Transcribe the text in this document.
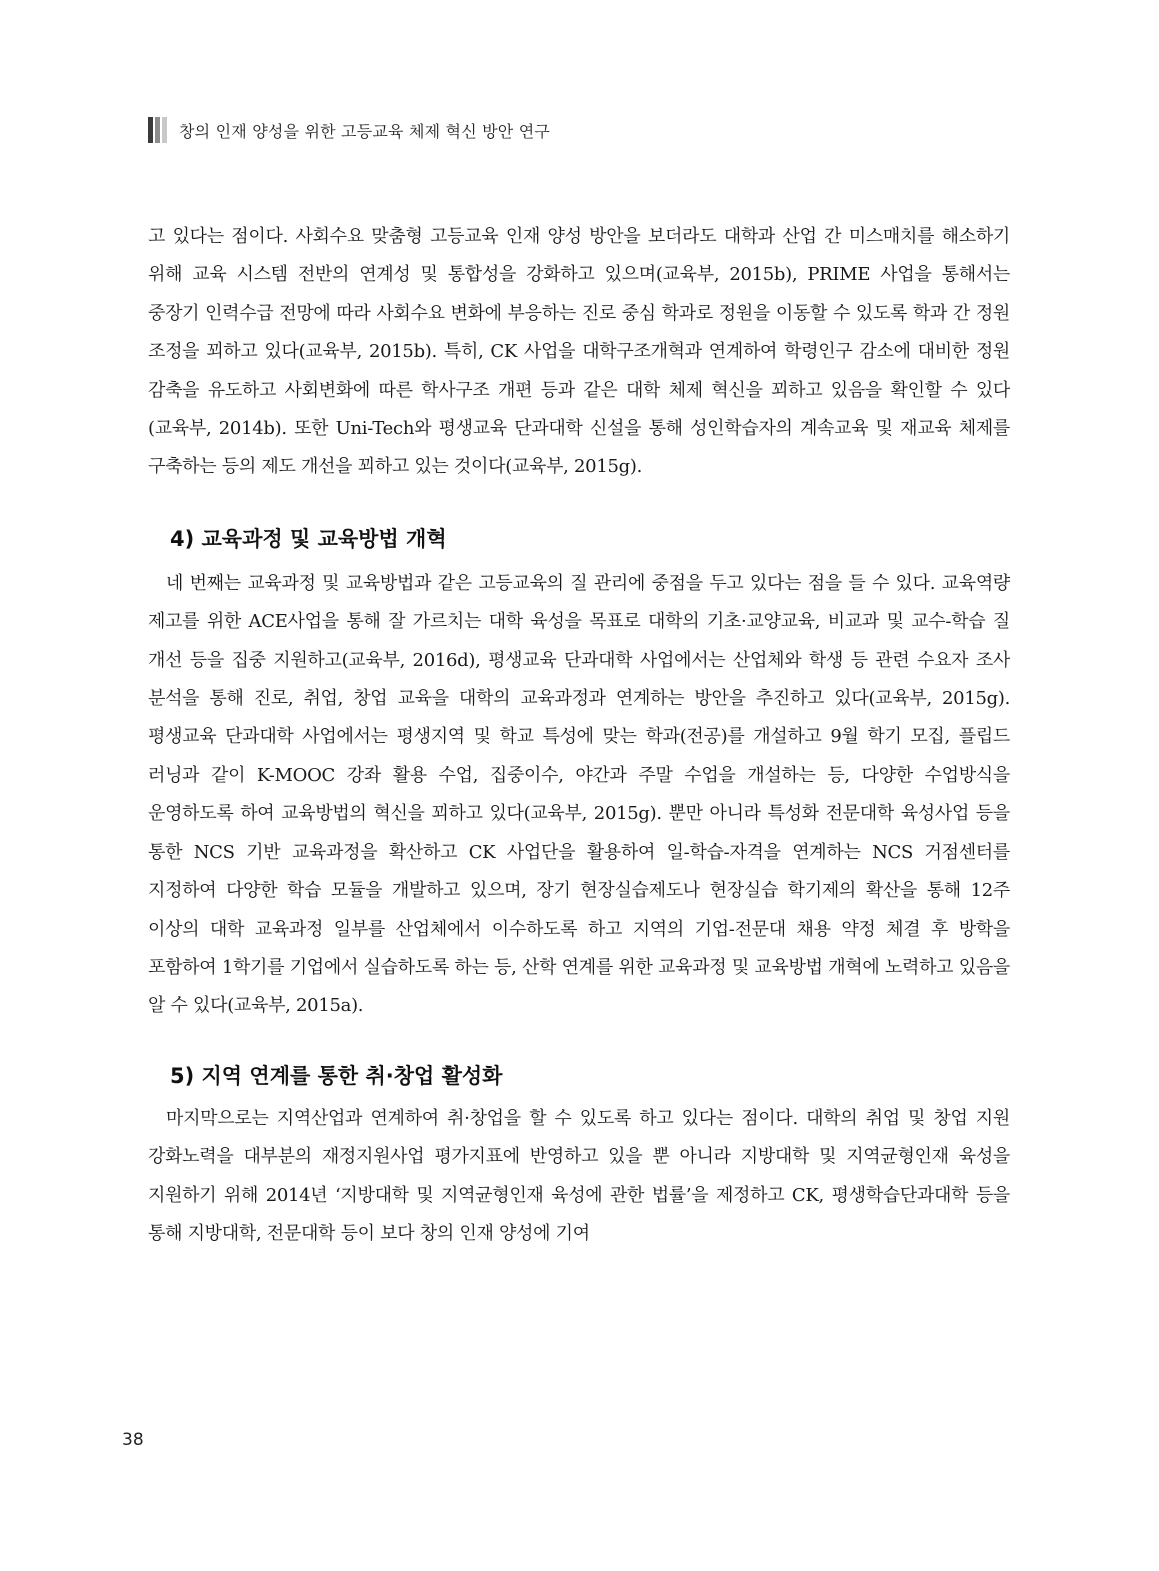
창의 인재 양성을 위한 고등교육 체제 혁신 방안 연구

고 있다는 점이다. 사회수요 맞춤형 고등교육 인재 양성 방안을 보더라도 대학과 산업 간 미스매치를 해소하기 위해 교육 시스템 전반의 연계성 및 통합성을 강화하고 있으며(교육부, 2015b), PRIME 사업을 통해서는 중장기 인력수급 전망에 따라 사회수요 변화에 부응하는 진로 중심 학과로 정원을 이동할 수 있도록 학과 간 정원 조정을 꾀하고 있다(교육부, 2015b). 특히, CK 사업을 대학구조개혁과 연계하여 학령인구 감소에 대비한 정원 감축을 유도하고 사회변화에 따른 학사구조 개편 등과 같은 대학 체제 혁신을 꾀하고 있음을 확인할 수 있다(교육부, 2014b). 또한 Uni-Tech와 평생교육 단과대학 신설을 통해 성인학습자의 계속교육 및 재교육 체제를 구축하는 등의 제도 개선을 꾀하고 있는 것이다(교육부, 2015g).

4) 교육과정 및 교육방법 개혁

네 번째는 교육과정 및 교육방법과 같은 고등교육의 질 관리에 중점을 두고 있다는 점을 들 수 있다. 교육역량 제고를 위한 ACE사업을 통해 잘 가르치는 대학 육성을 목표로 대학의 기초·교양교육, 비교과 및 교수-학습 질 개선 등을 집중 지원하고(교육부, 2016d), 평생교육 단과대학 사업에서는 산업체와 학생 등 관련 수요자 조사 분석을 통해 진로, 취업, 창업 교육을 대학의 교육과정과 연계하는 방안을 추진하고 있다(교육부, 2015g). 평생교육 단과대학 사업에서는 평생지역 및 학교 특성에 맞는 학과(전공)를 개설하고 9월 학기 모집, 플립드 러닝과 같이 K-MOOC 강좌 활용 수업, 집중이수, 야간과 주말 수업을 개설하는 등, 다양한 수업방식을 운영하도록 하여 교육방법의 혁신을 꾀하고 있다(교육부, 2015g). 뿐만 아니라 특성화 전문대학 육성사업 등을 통한 NCS 기반 교육과정을 확산하고 CK 사업단을 활용하여 일-학습-자격을 연계하는 NCS 거점센터를 지정하여 다양한 학습 모듈을 개발하고 있으며, 장기 현장실습제도나 현장실습 학기제의 확산을 통해 12주 이상의 대학 교육과정 일부를 산업체에서 이수하도록 하고 지역의 기업-전문대 채용 약정 체결 후 방학을 포함하여 1학기를 기업에서 실습하도록 하는 등, 산학 연계를 위한 교육과정 및 교육방법 개혁에 노력하고 있음을 알 수 있다(교육부, 2015a).

5) 지역 연계를 통한 취·창업 활성화

마지막으로는 지역산업과 연계하여 취·창업을 할 수 있도록 하고 있다는 점이다. 대학의 취업 및 창업 지원 강화노력을 대부분의 재정지원사업 평가지표에 반영하고 있을 뿐 아니라 지방대학 및 지역균형인재 육성을 지원하기 위해 2014년 ‘지방대학 및 지역균형인재 육성에 관한 법률’을 제정하고 CK, 평생학습단과대학 등을 통해 지방대학, 전문대학 등이 보다 창의 인재 양성에 기여

38
